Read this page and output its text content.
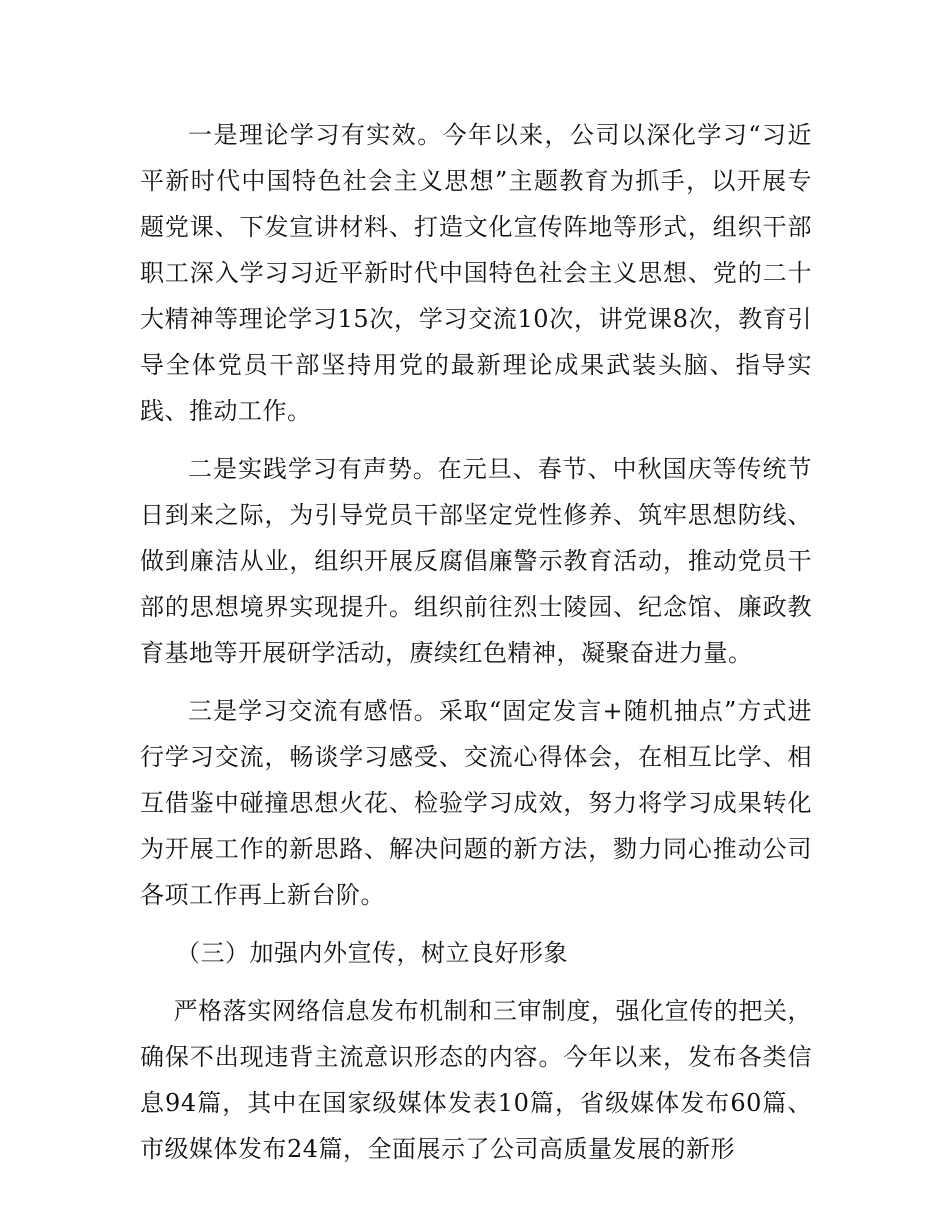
一是理论学习有实效。今年以来，公司以深化学习“习近平新时代中国特色社会主义思想”主题教育为抓手，以开展专题党课、下发宣讲材料、打造文化宣传阵地等形式，组织干部职工深入学习习近平新时代中国特色社会主义思想、党的二十大精神等理论学习15次，学习交流10次，讲党课8次，教育引导全体党员干部坚持用党的最新理论成果武装头脑、指导实践、推动工作。

二是实践学习有声势。在元旦、春节、中秋国庆等传统节日到来之际，为引导党员干部坚定党性修养、筑牢思想防线、做到廉洁从业，组织开展反腐倡廉警示教育活动，推动党员干部的思想境界实现提升。组织前往烈士陵园、纪念馆、廉政教育基地等开展研学活动，赓续红色精神，凝聚奋进力量。

三是学习交流有感悟。采取“固定发言+随机抽点”方式进行学习交流，畅谈学习感受、交流心得体会，在相互比学、相互借鉴中碰撞思想火花、检验学习成效，努力将学习成果转化为开展工作的新思路、解决问题的新方法，勠力同心推动公司各项工作再上新台阶。

（三）加强内外宣传，树立良好形象

严格落实网络信息发布机制和三审制度，强化宣传的把关，确保不出现违背主流意识形态的内容。今年以来，发布各类信息94篇，其中在国家级媒体发表10篇，省级媒体发布60篇、市级媒体发布24篇，全面展示了公司高质量发展的新形
